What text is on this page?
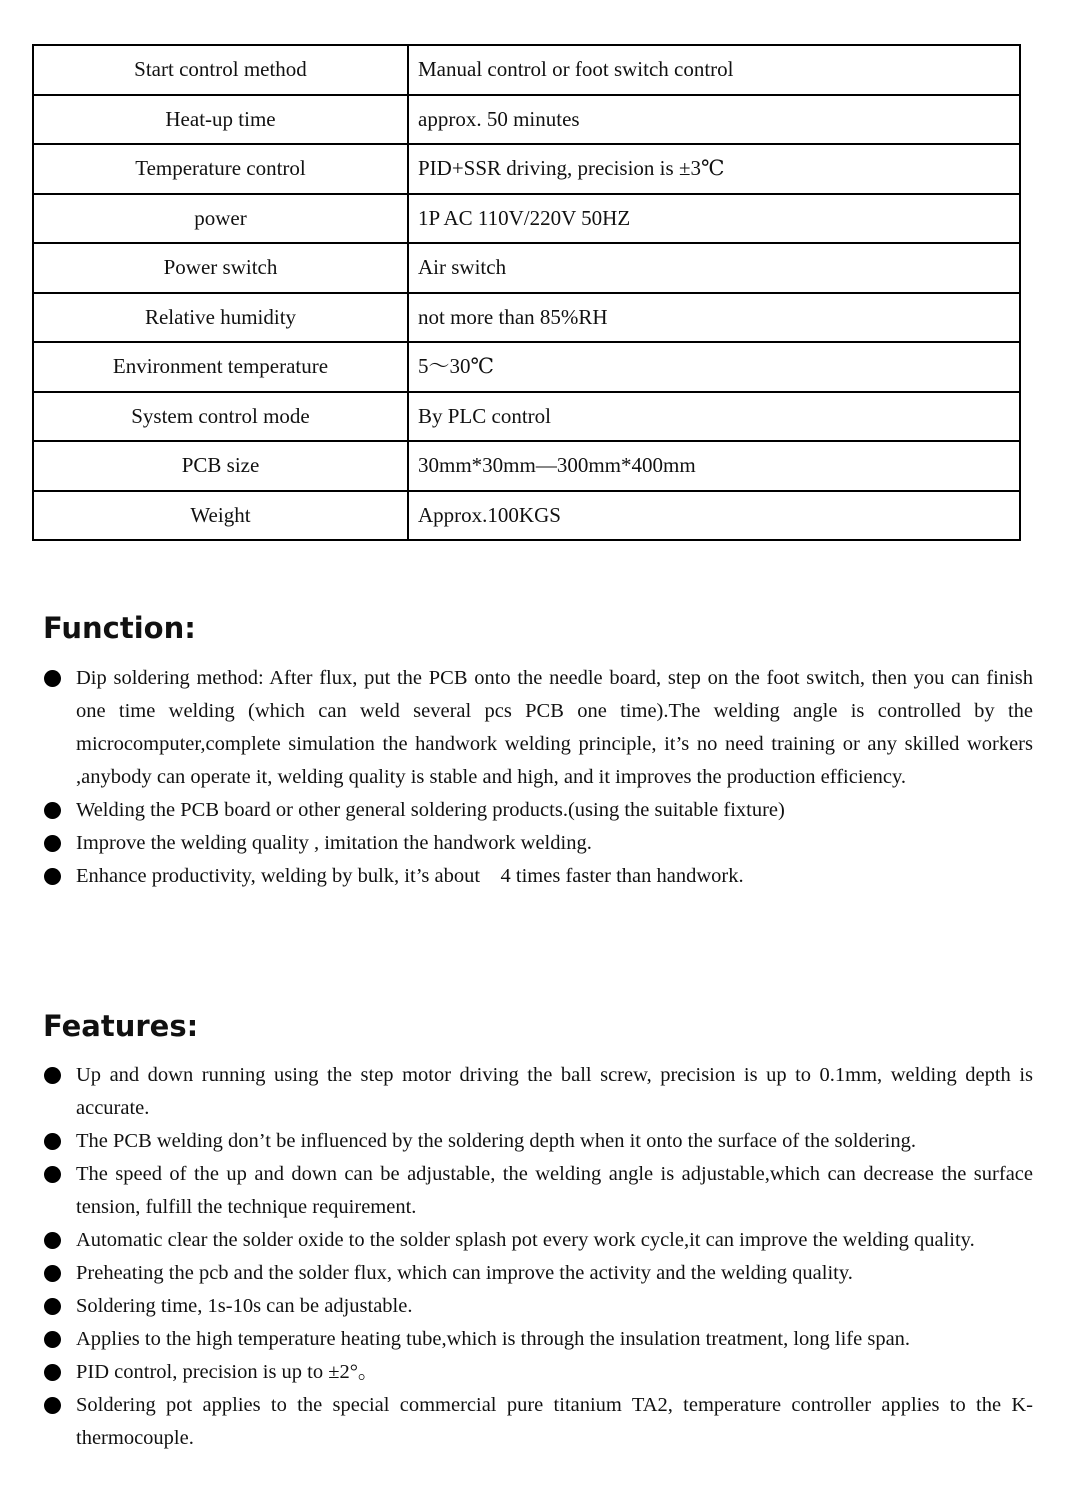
Start control method	Manual control or foot switch control
Heat-up time	approx. 50 minutes
Temperature control	PID+SSR driving, precision is ±3℃
power	1P AC 110V/220V 50HZ
Power switch	Air switch
Relative humidity	not more than 85%RH
Environment temperature	5～30℃
System control mode	By PLC control
PCB size	30mm*30mm—300mm*400mm
Weight	Approx.100KGS
Function:
Dip soldering method: After flux, put the PCB onto the needle board, step on the foot switch, then you can finish one time welding (which can weld several pcs PCB one time).The welding angle is controlled by the microcomputer,complete simulation the handwork welding principle, it’s no need training or any skilled workers ,anybody can operate it, welding quality is stable and high, and it improves the production efficiency.
Welding the PCB board or other general soldering products.(using the suitable fixture)
Improve the welding quality , imitation the handwork welding.
Enhance productivity, welding by bulk, it’s about    4 times faster than handwork.
Features:
Up and down running using the step motor driving the ball screw, precision is up to 0.1mm, welding depth is accurate.
The PCB welding don’t be influenced by the soldering depth when it onto the surface of the soldering.
The speed of the up and down can be adjustable, the welding angle is adjustable,which can decrease the surface tension, fulfill the technique requirement.
Automatic clear the solder oxide to the solder splash pot every work cycle,it can improve the welding quality.
Preheating the pcb and the solder flux, which can improve the activity and the welding quality.
Soldering time, 1s-10s can be adjustable.
Applies to the high temperature heating tube,which is through the insulation treatment, long life span.
PID control, precision is up to ±2°。
Soldering pot applies to the special commercial pure titanium TA2, temperature controller applies to the K-thermocouple.
